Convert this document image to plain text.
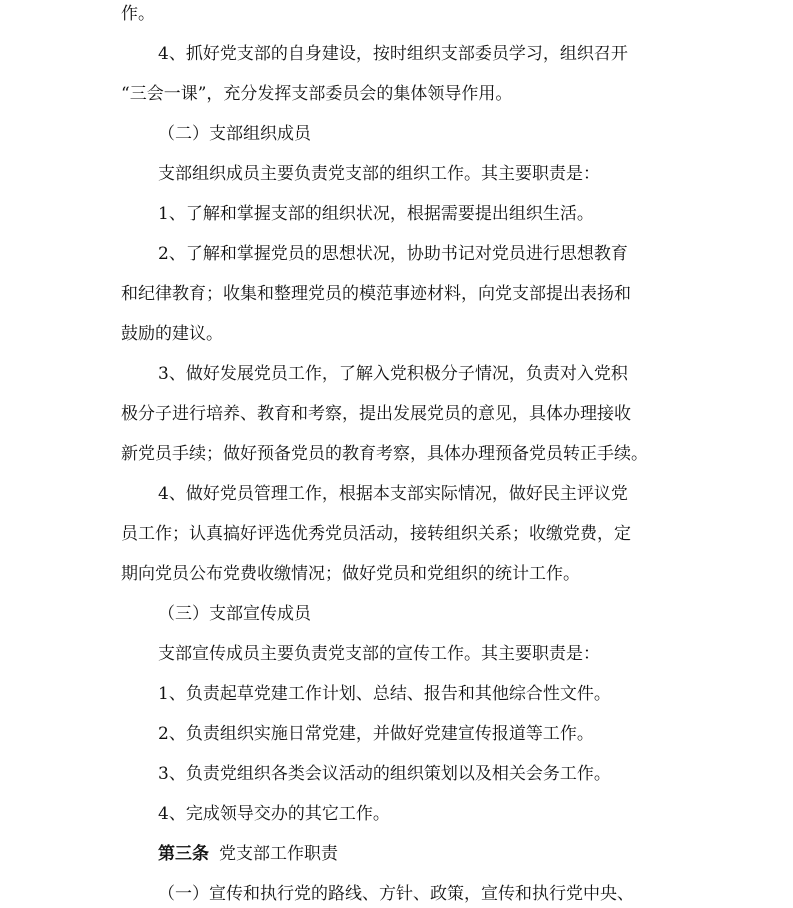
作。
4、抓好党支部的自身建设，按时组织支部委员学习，组织召开
“三会一课”，充分发挥支部委员会的集体领导作用。
（二）支部组织成员
支部组织成员主要负责党支部的组织工作。其主要职责是：
1、了解和掌握支部的组织状况，根据需要提出组织生活。
2、了解和掌握党员的思想状况，协助书记对党员进行思想教育
和纪律教育；收集和整理党员的模范事迹材料，向党支部提出表扬和
鼓励的建议。
3、做好发展党员工作，了解入党积极分子情况，负责对入党积
极分子进行培养、教育和考察，提出发展党员的意见，具体办理接收
新党员手续；做好预备党员的教育考察，具体办理预备党员转正手续。
4、做好党员管理工作，根据本支部实际情况，做好民主评议党
员工作；认真搞好评选优秀党员活动，接转组织关系；收缴党费，定
期向党员公布党费收缴情况；做好党员和党组织的统计工作。
（三）支部宣传成员
支部宣传成员主要负责党支部的宣传工作。其主要职责是：
1、负责起草党建工作计划、总结、报告和其他综合性文件。
2、负责组织实施日常党建，并做好党建宣传报道等工作。
3、负责党组织各类会议活动的组织策划以及相关会务工作。
4、完成领导交办的其它工作。
第三条 党支部工作职责
（一）宣传和执行党的路线、方针、政策，宣传和执行党中央、
